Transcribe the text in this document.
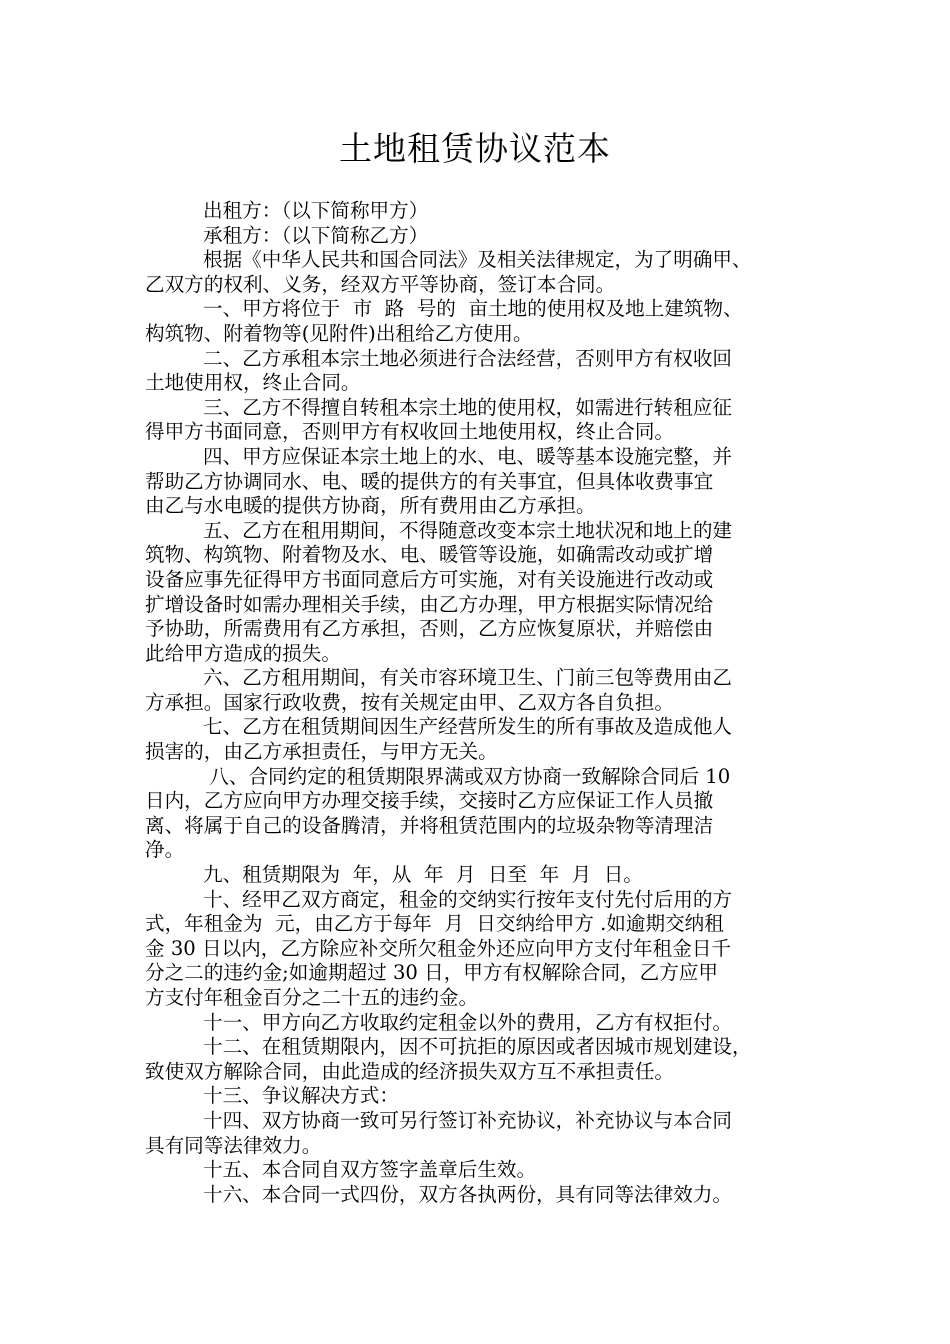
土地租赁协议范本
出租方：（以下简称甲方）
承租方：（以下简称乙方）
根据《中华人民共和国合同法》及相关法律规定，为了明确甲、
乙双方的权利、义务，经双方平等协商，签订本合同。
一、甲方将位于  市  路  号的  亩土地的使用权及地上建筑物、
构筑物、附着物等(见附件)出租给乙方使用。
二、乙方承租本宗土地必须进行合法经营，否则甲方有权收回
土地使用权，终止合同。
三、乙方不得擅自转租本宗土地的使用权，如需进行转租应征
得甲方书面同意，否则甲方有权收回土地使用权，终止合同。
四、甲方应保证本宗土地上的水、电、暖等基本设施完整，并
帮助乙方协调同水、电、暖的提供方的有关事宜，但具体收费事宜
由乙与水电暖的提供方协商，所有费用由乙方承担。
五、乙方在租用期间，不得随意改变本宗土地状况和地上的建
筑物、构筑物、附着物及水、电、暖管等设施，如确需改动或扩增
设备应事先征得甲方书面同意后方可实施，对有关设施进行改动或
扩增设备时如需办理相关手续，由乙方办理，甲方根据实际情况给
予协助，所需费用有乙方承担，否则，乙方应恢复原状，并赔偿由
此给甲方造成的损失。
六、乙方租用期间，有关市容环境卫生、门前三包等费用由乙
方承担。国家行政收费，按有关规定由甲、乙双方各自负担。
七、乙方在租赁期间因生产经营所发生的所有事故及造成他人
损害的，由乙方承担责任，与甲方无关。
八、合同约定的租赁期限界满或双方协商一致解除合同后 10
日内，乙方应向甲方办理交接手续，交接时乙方应保证工作人员撤
离、将属于自己的设备腾清，并将租赁范围内的垃圾杂物等清理洁
净。
九、租赁期限为  年，从  年  月  日至  年  月  日。
十、经甲乙双方商定，租金的交纳实行按年支付先付后用的方
式，年租金为  元，由乙方于每年  月  日交纳给甲方 .如逾期交纳租
金 30 日以内，乙方除应补交所欠租金外还应向甲方支付年租金日千
分之二的违约金;如逾期超过 30 日，甲方有权解除合同，乙方应甲
方支付年租金百分之二十五的违约金。
十一、甲方向乙方收取约定租金以外的费用，乙方有权拒付。
十二、在租赁期限内，因不可抗拒的原因或者因城市规划建设，
致使双方解除合同，由此造成的经济损失双方互不承担责任。
十三、争议解决方式：
十四、双方协商一致可另行签订补充协议，补充协议与本合同
具有同等法律效力。
十五、本合同自双方签字盖章后生效。
十六、本合同一式四份，双方各执两份，具有同等法律效力。
